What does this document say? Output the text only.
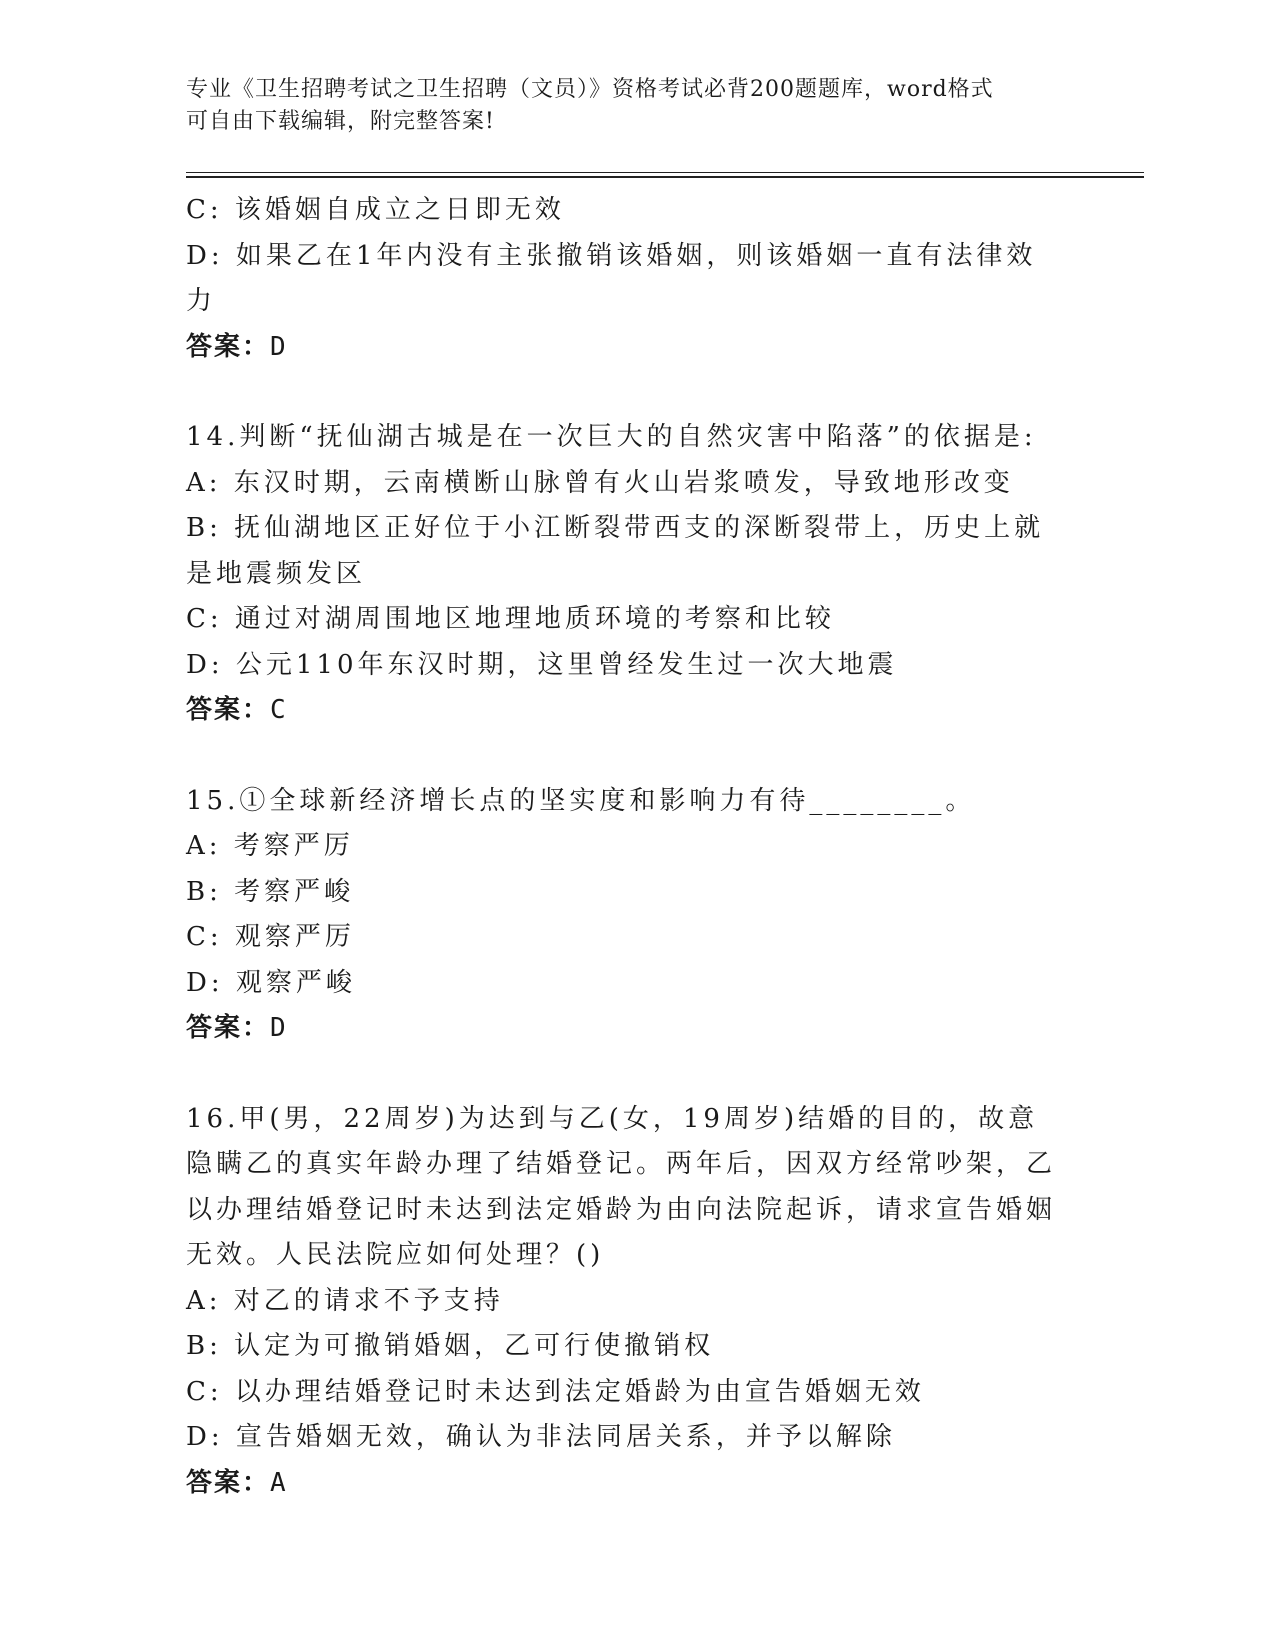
专业《卫生招聘考试之卫生招聘（文员）》资格考试必背200题题库，word格式
可自由下载编辑，附完整答案!
C: 该婚姻自成立之日即无效
D: 如果乙在1年内没有主张撤销该婚姻，则该婚姻一直有法律效力
答案：D
14.判断“抚仙湖古城是在一次巨大的自然灾害中陷落”的依据是:
A: 东汉时期，云南横断山脉曾有火山岩浆喷发，导致地形改变
B: 抚仙湖地区正好位于小江断裂带西支的深断裂带上，历史上就是地震频发区
C: 通过对湖周围地区地理地质环境的考察和比较
D: 公元110年东汉时期，这里曾经发生过一次大地震
答案：C
15.①全球新经济增长点的坚实度和影响力有待________。
A: 考察严厉
B: 考察严峻
C: 观察严厉
D: 观察严峻
答案：D
16.甲(男，22周岁)为达到与乙(女，19周岁)结婚的目的，故意隐瞒乙的真实年龄办理了结婚登记。两年后，因双方经常吵架，乙以办理结婚登记时未达到法定婚龄为由向法院起诉，请求宣告婚姻无效。人民法院应如何处理？()
A: 对乙的请求不予支持
B: 认定为可撤销婚姻，乙可行使撤销权
C: 以办理结婚登记时未达到法定婚龄为由宣告婚姻无效
D: 宣告婚姻无效，确认为非法同居关系，并予以解除
答案：A
